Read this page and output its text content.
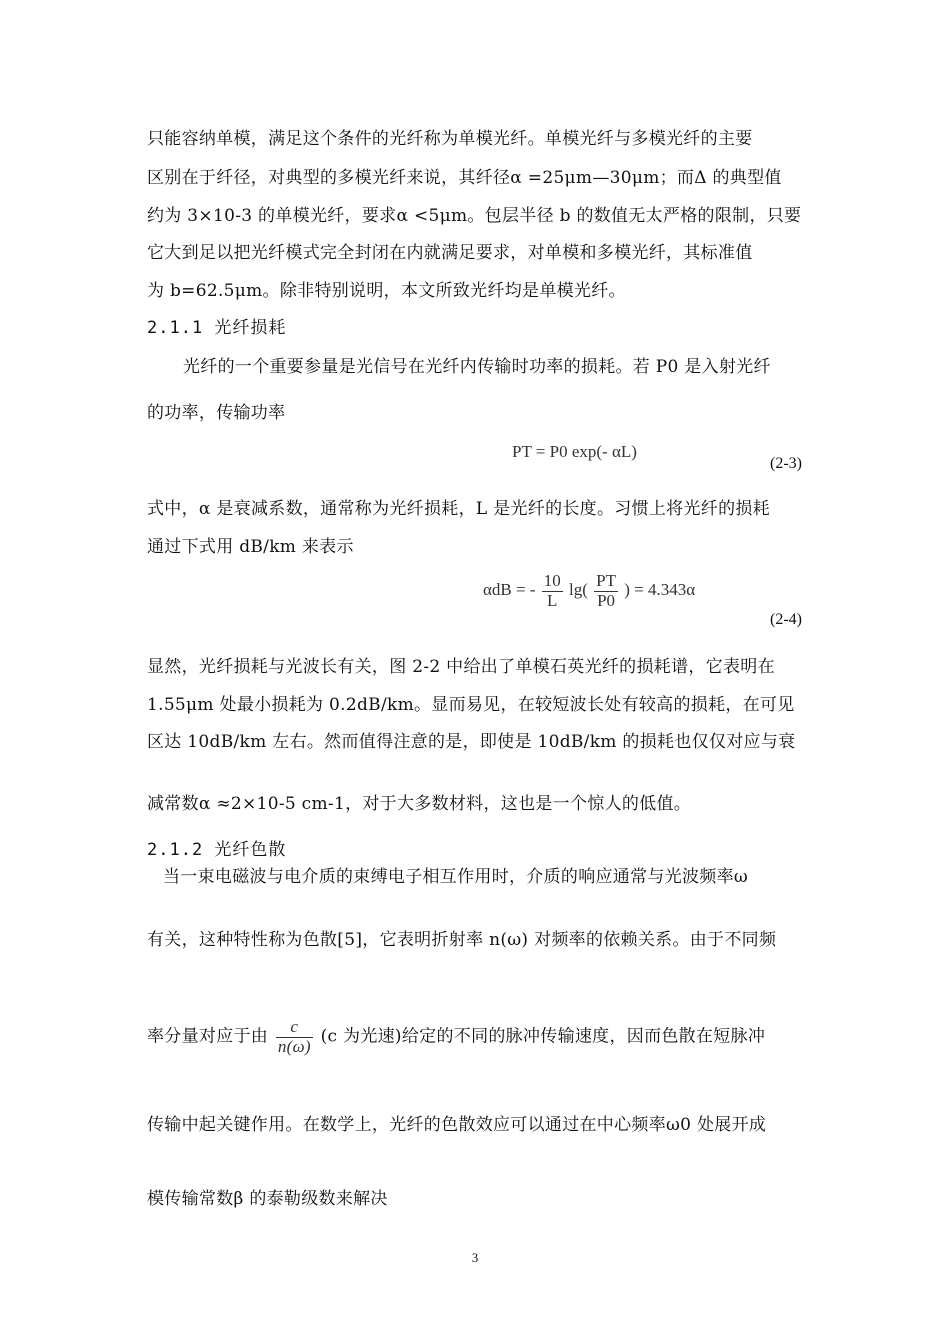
只能容纳单模，满足这个条件的光纤称为单模光纤。单模光纤与多模光纤的主要
区别在于纤径，对典型的多模光纤来说，其纤径α =25μm—30μm；而Δ 的典型值
约为 3×10-3 的单模光纤，要求α <5μm。包层半径 b 的数值无太严格的限制，只要
它大到足以把光纤模式完全封闭在内就满足要求，对单模和多模光纤，其标准值
为 b=62.5μm。除非特别说明，本文所致光纤均是单模光纤。
2.1.1 光纤损耗
光纤的一个重要参量是光信号在光纤内传输时功率的损耗。若 P0 是入射光纤
的功率，传输功率
PT = P0 exp(- αL)
(2-3)
式中，α 是衰减系数，通常称为光纤损耗，L 是光纤的长度。习惯上将光纤的损耗
通过下式用 dB/km 来表示
αdB = - $\frac{10}{L} \lg( \frac{PT}{P0}$ ) = 4.343α
(2-4)
显然，光纤损耗与光波长有关，图 2-2 中给出了单模石英光纤的损耗谱，它表明在
1.55μm 处最小损耗为 0.2dB/km。显而易见，在较短波长处有较高的损耗，在可见
区达 10dB/km 左右。然而值得注意的是，即使是 10dB/km 的损耗也仅仅对应与衰
减常数α ≈2×10-5 cm-1，对于大多数材料，这也是一个惊人的低值。
2.1.2 光纤色散
当一束电磁波与电介质的束缚电子相互作用时，介质的响应通常与光波频率ω
有关，这种特性称为色散[5]，它表明折射率 n(ω) 对频率的依赖关系。由于不同频
率分量对应于由 $\frac{c}{n(\omega)} (c$ 为光速)给定的不同的脉冲传输速度，因而色散在短脉冲
传输中起关键作用。在数学上，光纤的色散效应可以通过在中心频率ω0 处展开成
模传输常数β 的泰勒级数来解决
3
